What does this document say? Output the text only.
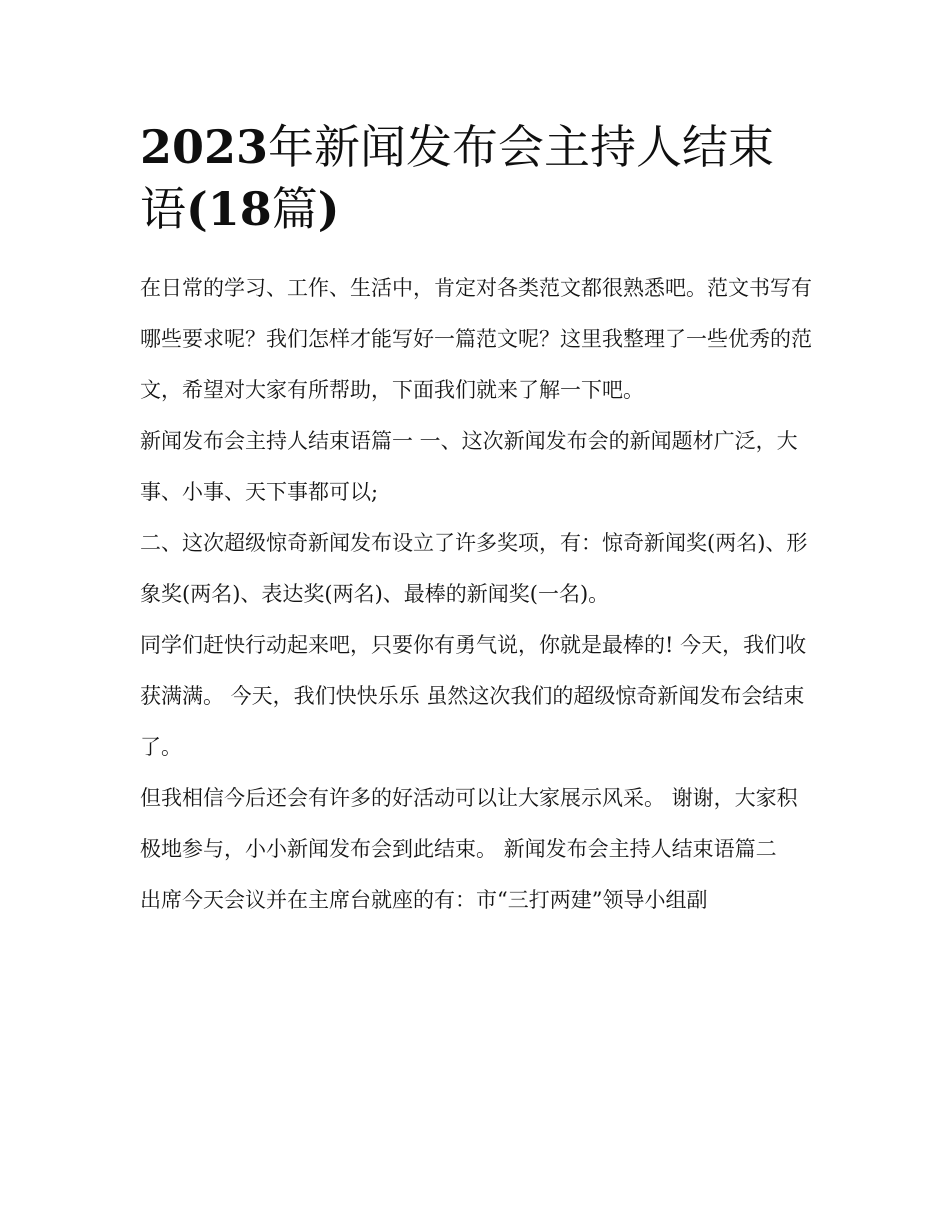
2023年新闻发布会主持人结束
语(18篇)

在日常的学习、工作、生活中，肯定对各类范文都很熟悉吧。范文书写有哪些要求呢？我们怎样才能写好一篇范文呢？这里我整理了一些优秀的范文，希望对大家有所帮助，下面我们就来了解一下吧。

新闻发布会主持人结束语篇一 一、这次新闻发布会的新闻题材广泛，大事、小事、天下事都可以;

二、这次超级惊奇新闻发布设立了许多奖项，有：惊奇新闻奖(两名)、形象奖(两名)、表达奖(两名)、最棒的新闻奖(一名)。

同学们赶快行动起来吧，只要你有勇气说，你就是最棒的! 今天，我们收获满满。 今天，我们快快乐乐 虽然这次我们的超级惊奇新闻发布会结束了。

但我相信今后还会有许多的好活动可以让大家展示风采。 谢谢，大家积极地参与，小小新闻发布会到此结束。 新闻发布会主持人结束语篇二

出席今天会议并在主席台就座的有：市“三打两建”领导小组副
